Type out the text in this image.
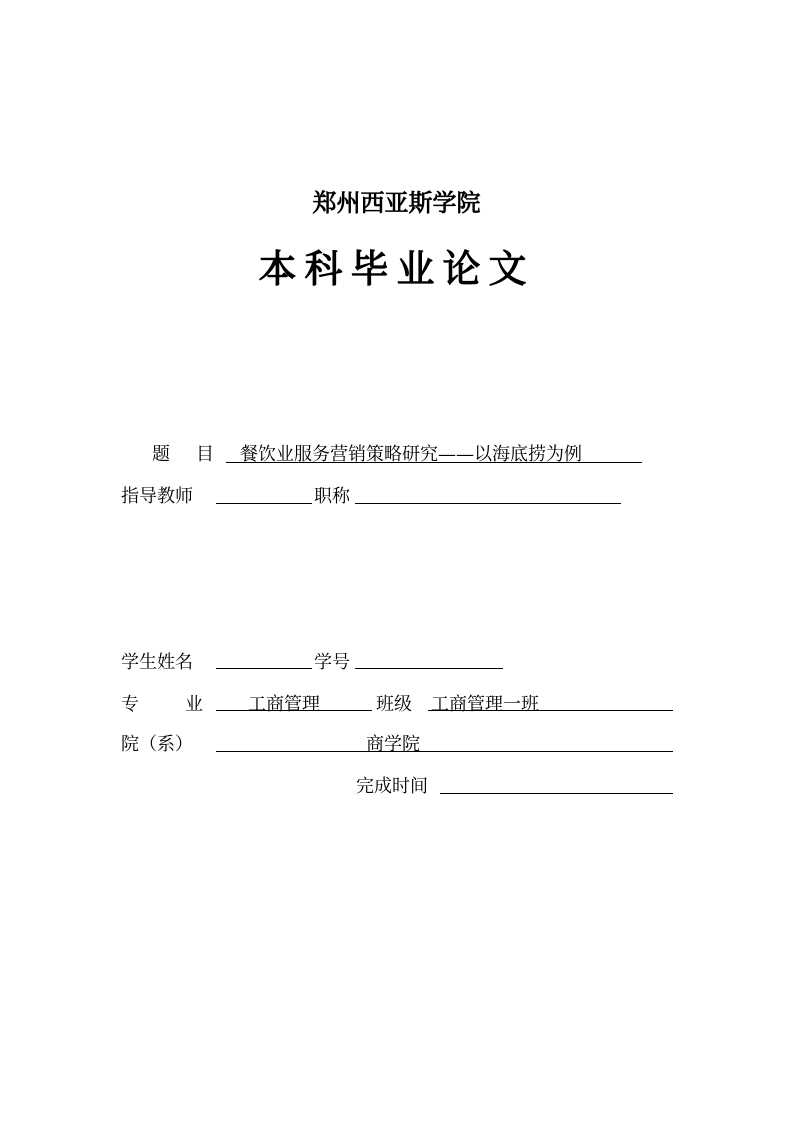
郑州西亚斯学院
本科毕业论文
题 目 餐饮业服务营销策略研究——以海底捞为例
指导教师	职称
学生姓名	学号
专	业	工商管理	班级 工商管理一班
院（系）	商学院
完成时间
